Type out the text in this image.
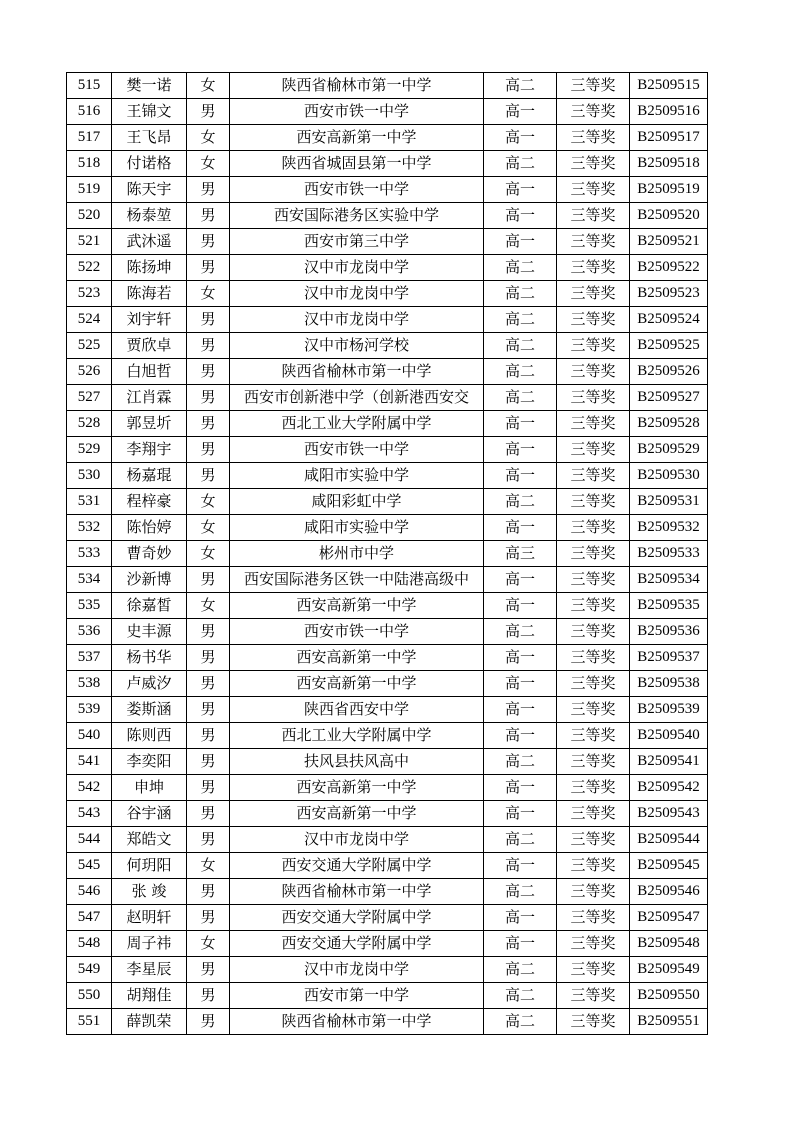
515	樊一诺	女	陕西省榆林市第一中学	高二	三等奖	B2509515
516	王锦文	男	西安市铁一中学	高一	三等奖	B2509516
517	王飞昂	女	西安高新第一中学	高一	三等奖	B2509517
518	付诺格	女	陕西省城固县第一中学	高二	三等奖	B2509518
519	陈天宇	男	西安市铁一中学	高一	三等奖	B2509519
520	杨泰堃	男	西安国际港务区实验中学	高一	三等奖	B2509520
521	武沐遥	男	西安市第三中学	高一	三等奖	B2509521
522	陈扬坤	男	汉中市龙岗中学	高二	三等奖	B2509522
523	陈海若	女	汉中市龙岗中学	高二	三等奖	B2509523
524	刘宇轩	男	汉中市龙岗中学	高二	三等奖	B2509524
525	贾欣卓	男	汉中市杨河学校	高二	三等奖	B2509525
526	白旭哲	男	陕西省榆林市第一中学	高二	三等奖	B2509526
527	江肖霖	男	西安市创新港中学（创新港西安交	高二	三等奖	B2509527
528	郭昱圻	男	西北工业大学附属中学	高一	三等奖	B2509528
529	李翔宇	男	西安市铁一中学	高一	三等奖	B2509529
530	杨嘉琨	男	咸阳市实验中学	高一	三等奖	B2509530
531	程梓豪	女	咸阳彩虹中学	高二	三等奖	B2509531
532	陈怡婷	女	咸阳市实验中学	高一	三等奖	B2509532
533	曹奇妙	女	彬州市中学	高三	三等奖	B2509533
534	沙新博	男	西安国际港务区铁一中陆港高级中	高一	三等奖	B2509534
535	徐嘉皙	女	西安高新第一中学	高一	三等奖	B2509535
536	史丰源	男	西安市铁一中学	高二	三等奖	B2509536
537	杨书华	男	西安高新第一中学	高一	三等奖	B2509537
538	卢威汐	男	西安高新第一中学	高一	三等奖	B2509538
539	娄斯涵	男	陕西省西安中学	高一	三等奖	B2509539
540	陈则西	男	西北工业大学附属中学	高一	三等奖	B2509540
541	李奕阳	男	扶风县扶风高中	高二	三等奖	B2509541
542	申坤	男	西安高新第一中学	高一	三等奖	B2509542
543	谷宇涵	男	西安高新第一中学	高一	三等奖	B2509543
544	郑皓文	男	汉中市龙岗中学	高二	三等奖	B2509544
545	何玥阳	女	西安交通大学附属中学	高一	三等奖	B2509545
546	张 竣	男	陕西省榆林市第一中学	高二	三等奖	B2509546
547	赵明轩	男	西安交通大学附属中学	高一	三等奖	B2509547
548	周子祎	女	西安交通大学附属中学	高一	三等奖	B2509548
549	李星辰	男	汉中市龙岗中学	高二	三等奖	B2509549
550	胡翔佳	男	西安市第一中学	高二	三等奖	B2509550
551	薛凯荣	男	陕西省榆林市第一中学	高二	三等奖	B2509551
